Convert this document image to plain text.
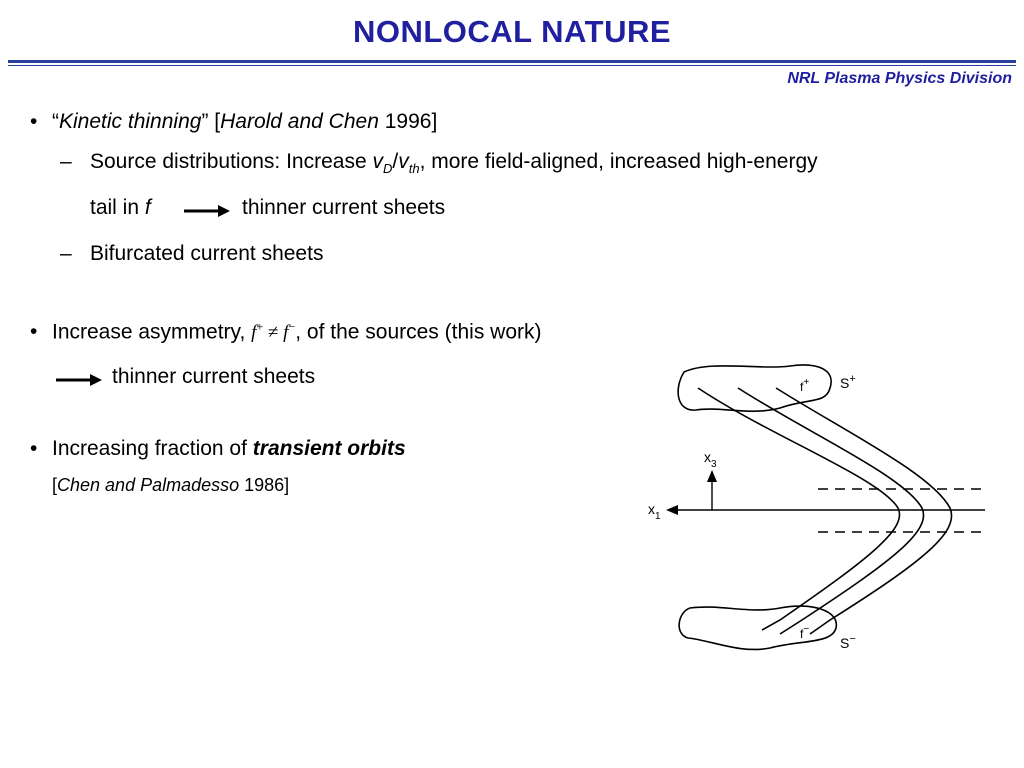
NONLOCAL NATURE
NRL Plasma Physics Division
• “Kinetic thinning” [Harold and Chen 1996]
– Source distributions: Increase $v_D/v_{th}$, more field-aligned, increased high-energy
tail in f	thinner current sheets
– Bifurcated current sheets
• Increase asymmetry, f+ ≠ f−, of the sources (this work)
thinner current sheets
• Increasing fraction of transient orbits
[Chen and Palmadesso 1986]
f+ S+
f−
S−
$x_3$
$x_1$
